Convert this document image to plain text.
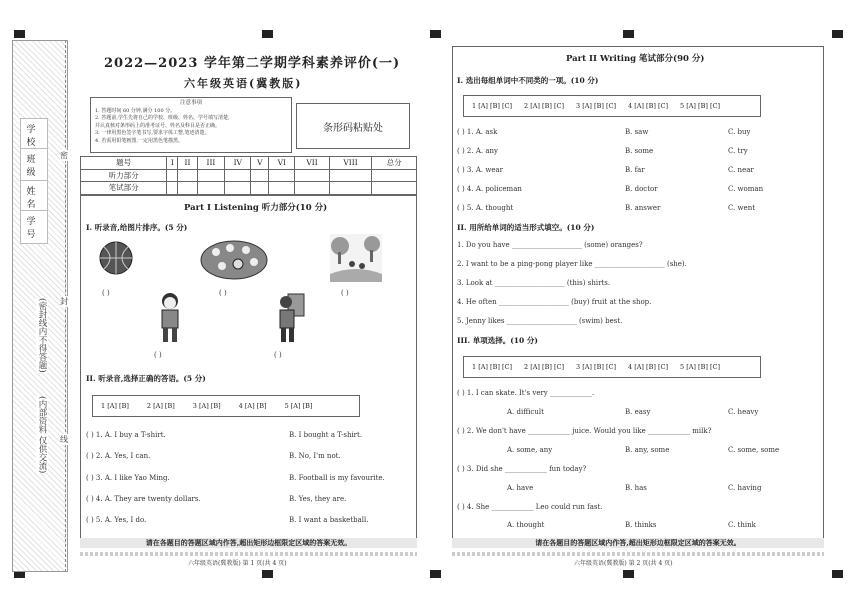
学 校
班 级
姓 名
学 号
(密封线内不得答题)
(内部资料 仅供交流)
密
封
线
2022—2023 学年第二学期学科素养评价(一)
六年级英语(冀教版)
注意事项
1. 答题时间 60 分钟,满分 100 分。
2. 答题前,学生先将自己的学校、班级、姓名、学号填写清楚,
并认真核对条形码上的准考证号、姓名及科目是否正确。
3. 一律用黑色签字笔书写,要求字体工整,笔迹清楚。
4. 若需用铅笔画图,一定用黑色笔描黑。
条形码粘贴处
题号	I	II	III	IV	V	VI	VII	VIII	总分
听力部分									
笔试部分									
Part I Listening 听力部分(10 分)
I. 听录音,给图片排序。(5 分)
( )	( )	( )
( )	( )
II. 听录音,选择正确的答语。(5 分)
1 [A] [B]	2 [A] [B]	3 [A] [B]	4 [A] [B]	5 [A] [B]
( ) 1. A. I buy a T-shirt.	B. I bought a T-shirt.
( ) 2. A. Yes, I can.	B. No, I'm not.
( ) 3. A. I like Yao Ming.	B. Football is my favourite.
( ) 4. A. They are twenty dollars.	B. Yes, they are.
( ) 5. A. Yes, I do.	B. I want a basketball.
请在各题目的答题区域内作答,超出矩形边框限定区域的答案无效。
六年级英语(冀教版) 第 1 页(共 4 页)
Part II Writing 笔试部分(90 分)
I. 选出每组单词中不同类的一项。(10 分)
1 [A] [B] [C] 2 [A] [B] [C] 3 [A] [B] [C] 4 [A] [B] [C] 5 [A] [B] [C]
( ) 1. A. ask	B. saw	C. buy
( ) 2. A. any	B. some	C. try
( ) 3. A. wear	B. far	C. near
( ) 4. A. policeman	B. doctor	C. woman
( ) 5. A. thought	B. answer	C. went
II. 用所给单词的适当形式填空。(10 分)
1. Do you have ____________________ (some) oranges?
2. I want to be a ping-pong player like ____________________ (she).
3. Look at ____________________ (this) shirts.
4. He often ____________________ (buy) fruit at the shop.
5. Jenny likes ____________________ (swim) best.
III. 单项选择。(10 分)
1 [A] [B] [C] 2 [A] [B] [C] 3 [A] [B] [C] 4 [A] [B] [C] 5 [A] [B] [C]
( ) 1. I can skate. It's very ____________.
A. difficult	B. easy	C. heavy
( ) 2. We don't have ____________ juice. Would you like ____________ milk?
A. some, any	B. any, some	C. some, some
( ) 3. Did she ____________ fun today?
A. have	B. has	C. having
( ) 4. She ____________ Leo could run fast.
A. thought	B. thinks	C. think
请在各题目的答题区域内作答,超出矩形边框限定区域的答案无效。
六年级英语(冀教版) 第 2 页(共 4 页)
